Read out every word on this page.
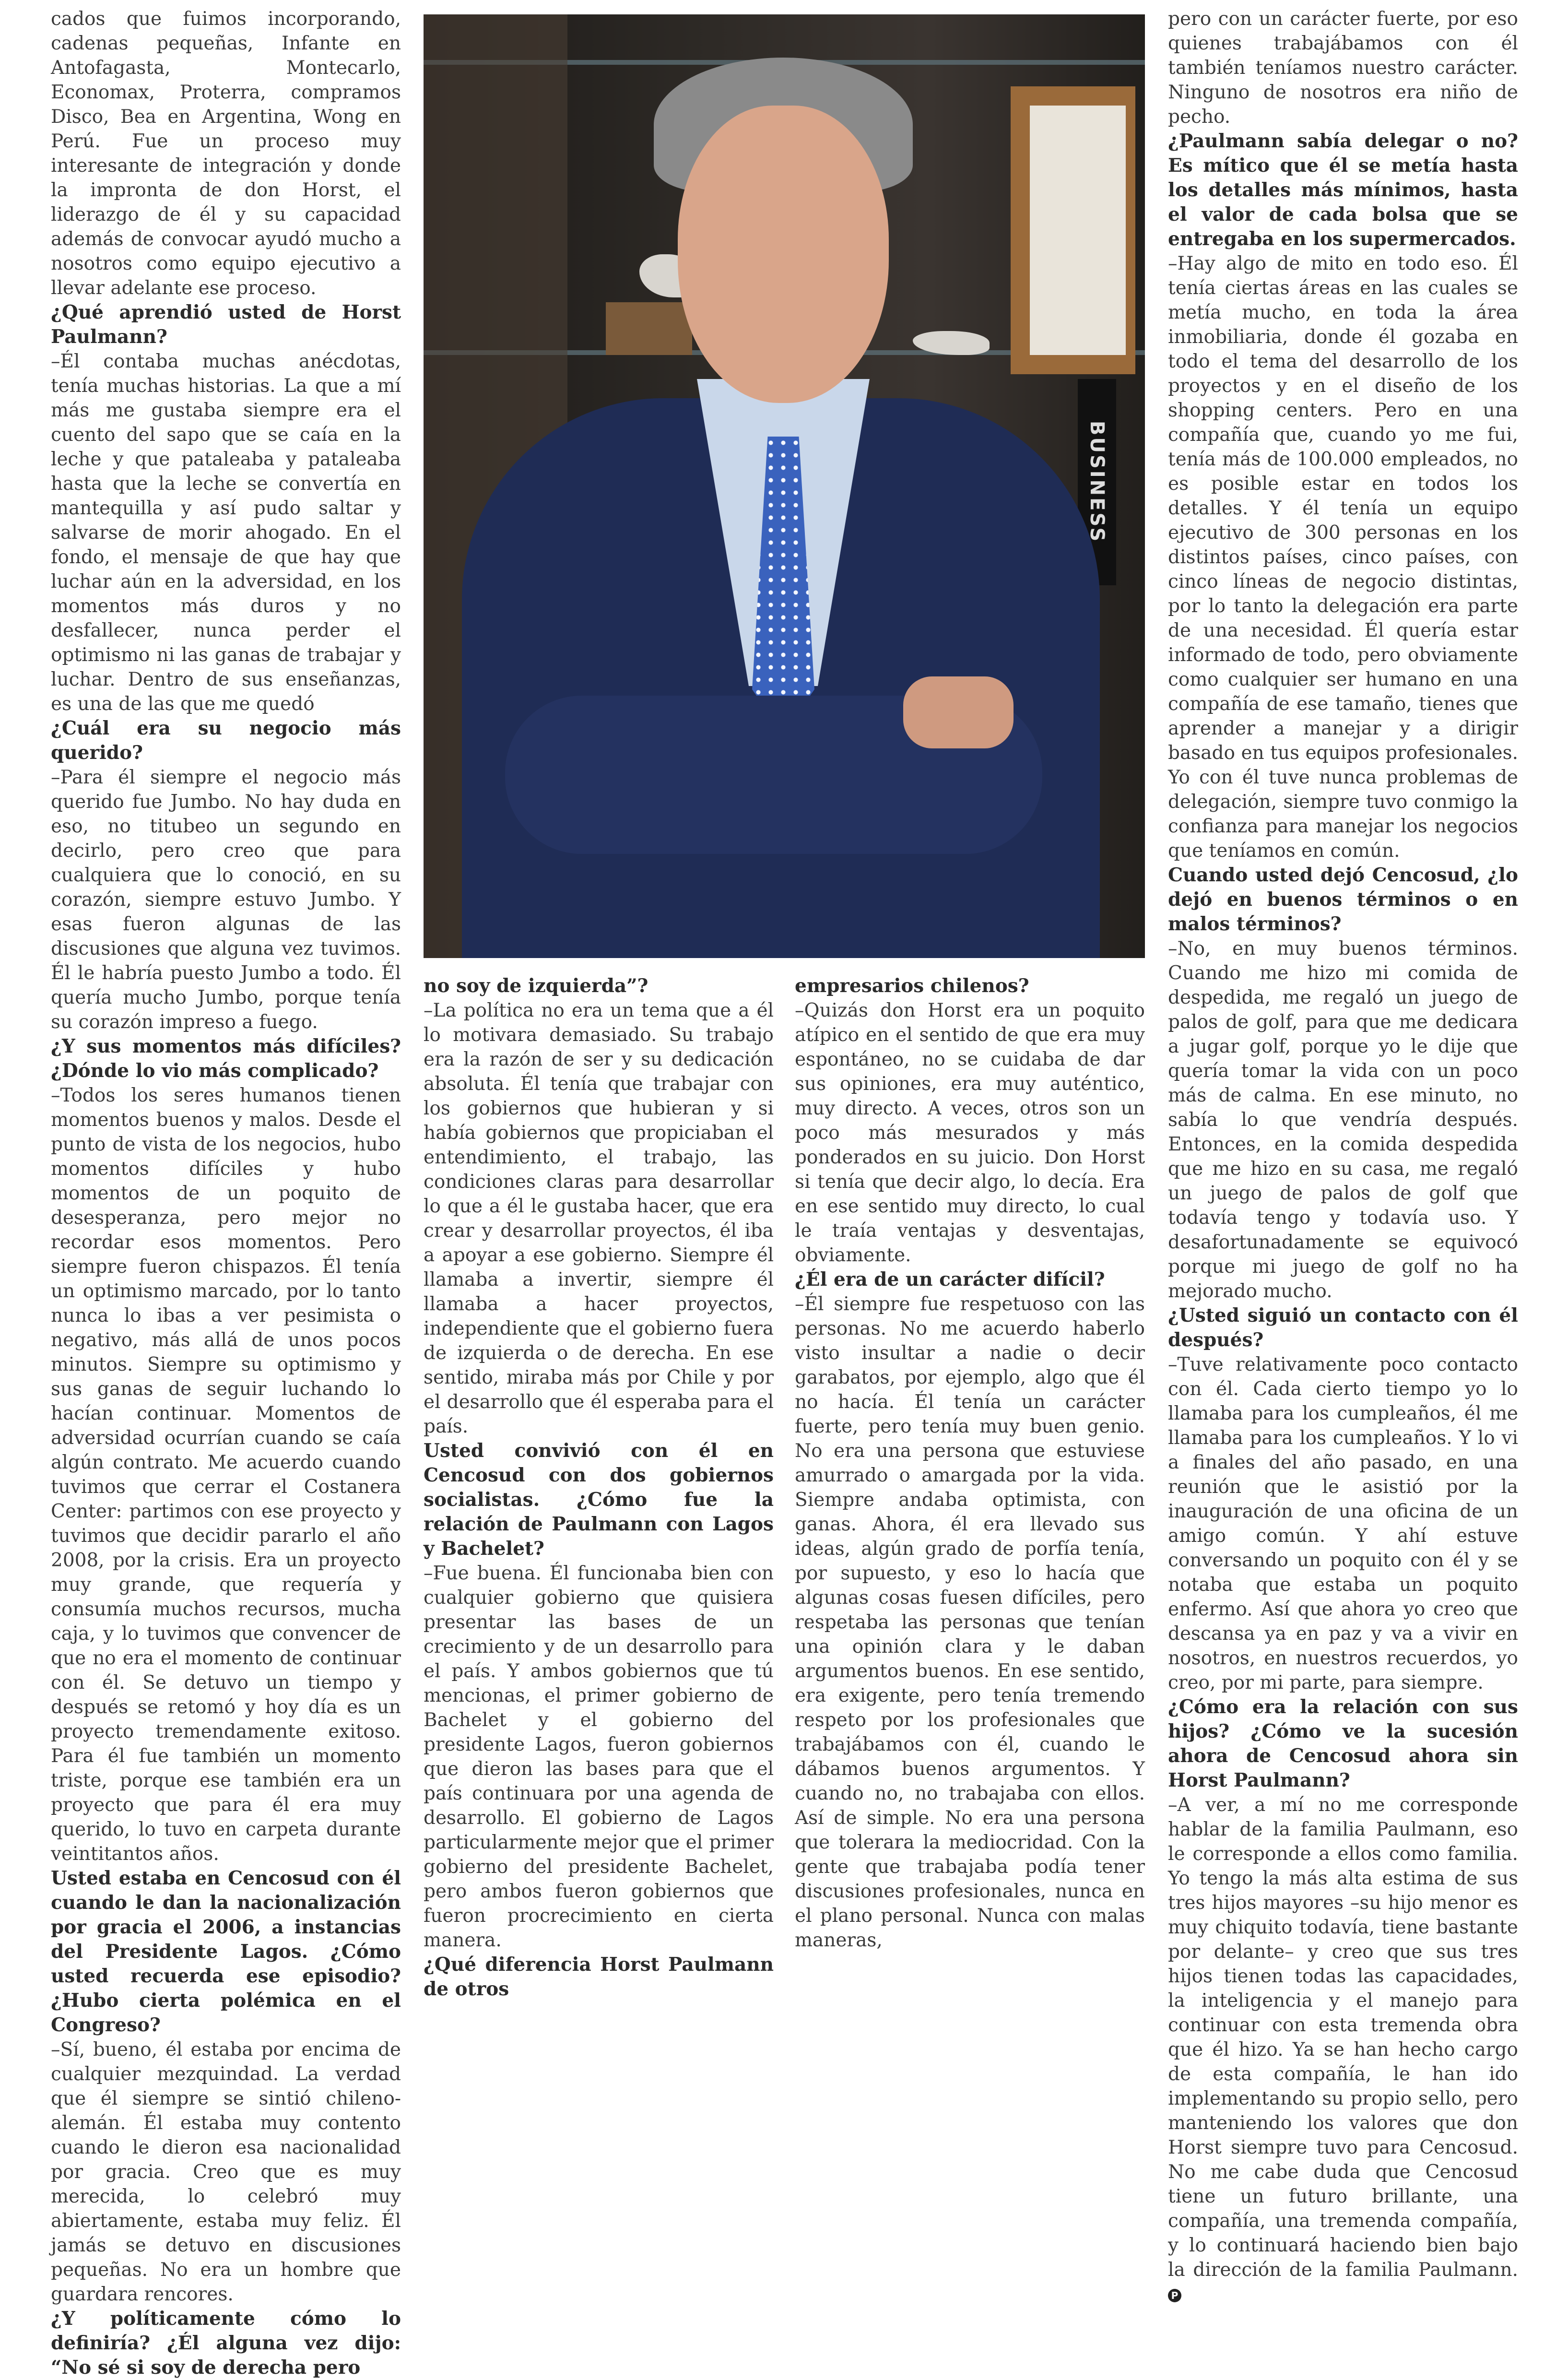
cados que fuimos incorporando, cadenas pequeñas, Infante en Antofagasta, Montecarlo, Economax, Proterra, compramos Disco, Bea en Argentina, Wong en Perú. Fue un proceso muy interesante de integración y donde la impronta de don Horst, el liderazgo de él y su capacidad además de convocar ayudó mucho a nosotros como equipo ejecutivo a llevar adelante ese proceso.

¿Qué aprendió usted de Horst Paulmann?

–Él contaba muchas anécdotas, tenía muchas historias. La que a mí más me gustaba siempre era el cuento del sapo que se caía en la leche y que pataleaba y pataleaba hasta que la leche se convertía en mantequilla y así pudo saltar y salvarse de morir ahogado. En el fondo, el mensaje de que hay que luchar aún en la adversidad, en los momentos más duros y no desfallecer, nunca perder el optimismo ni las ganas de trabajar y luchar. Dentro de sus enseñanzas, es una de las que me quedó

¿Cuál era su negocio más querido?

–Para él siempre el negocio más querido fue Jumbo. No hay duda en eso, no titubeo un segundo en decirlo, pero creo que para cualquiera que lo conoció, en su corazón, siempre estuvo Jumbo. Y esas fueron algunas de las discusiones que alguna vez tuvimos. Él le habría puesto Jumbo a todo. Él quería mucho Jumbo, porque tenía su corazón impreso a fuego.

¿Y sus momentos más difíciles? ¿Dónde lo vio más complicado?

–Todos los seres humanos tienen momentos buenos y malos. Desde el punto de vista de los negocios, hubo momentos difíciles y hubo momentos de un poquito de desesperanza, pero mejor no recordar esos momentos. Pero siempre fueron chispazos. Él tenía un optimismo marcado, por lo tanto nunca lo ibas a ver pesimista o negativo, más allá de unos pocos minutos. Siempre su optimismo y sus ganas de seguir luchando lo hacían continuar. Momentos de adversidad ocurrían cuando se caía algún contrato. Me acuerdo cuando tuvimos que cerrar el Costanera Center: partimos con ese proyecto y tuvimos que decidir pararlo el año 2008, por la crisis. Era un proyecto muy grande, que requería y consumía muchos recursos, mucha caja, y lo tuvimos que convencer de que no era el momento de continuar con él. Se detuvo un tiempo y después se retomó y hoy día es un proyecto tremendamente exitoso. Para él fue también un momento triste, porque ese también era un proyecto que para él era muy querido, lo tuvo en carpeta durante veintitantos años.

Usted estaba en Cencosud con él cuando le dan la nacionalización por gracia el 2006, a instancias del Presidente Lagos. ¿Cómo usted recuerda ese episodio? ¿Hubo cierta polémica en el Congreso?

–Sí, bueno, él estaba por encima de cualquier mezquindad. La verdad que él siempre se sintió chileno-alemán. Él estaba muy contento cuando le dieron esa nacionalidad por gracia. Creo que es muy merecida, lo celebró muy abiertamente, estaba muy feliz. Él jamás se detuvo en discusiones pequeñas. No era un hombre que guardara rencores.

¿Y políticamente cómo lo definiría? ¿Él alguna vez dijo: “No sé si soy de derecha pero

BUSINESS

no soy de izquierda”?

–La política no era un tema que a él lo motivara demasiado. Su trabajo era la razón de ser y su dedicación absoluta. Él tenía que trabajar con los gobiernos que hubieran y si había gobiernos que propiciaban el entendimiento, el trabajo, las condiciones claras para desarrollar lo que a él le gustaba hacer, que era crear y desarrollar proyectos, él iba a apoyar a ese gobierno. Siempre él llamaba a invertir, siempre él llamaba a hacer proyectos, independiente que el gobierno fuera de izquierda o de derecha. En ese sentido, miraba más por Chile y por el desarrollo que él esperaba para el país.

Usted convivió con él en Cencosud con dos gobiernos socialistas. ¿Cómo fue la relación de Paulmann con Lagos y Bachelet?

–Fue buena. Él funcionaba bien con cualquier gobierno que quisiera presentar las bases de un crecimiento y de un desarrollo para el país. Y ambos gobiernos que tú mencionas, el primer gobierno de Bachelet y el gobierno del presidente Lagos, fueron gobiernos que dieron las bases para que el país continuara por una agenda de desarrollo. El gobierno de Lagos particularmente mejor que el primer gobierno del presidente Bachelet, pero ambos fueron gobiernos que fueron procrecimiento en cierta manera.

¿Qué diferencia Horst Paulmann de otros

empresarios chilenos?

–Quizás don Horst era un poquito atípico en el sentido de que era muy espontáneo, no se cuidaba de dar sus opiniones, era muy auténtico, muy directo. A veces, otros son un poco más mesurados y más ponderados en su juicio. Don Horst si tenía que decir algo, lo decía. Era en ese sentido muy directo, lo cual le traía ventajas y desventajas, obviamente.

¿Él era de un carácter difícil?

–Él siempre fue respetuoso con las personas. No me acuerdo haberlo visto insultar a nadie o decir garabatos, por ejemplo, algo que él no hacía. Él tenía un carácter fuerte, pero tenía muy buen genio. No era una persona que estuviese amurrado o amargada por la vida. Siempre andaba optimista, con ganas. Ahora, él era llevado sus ideas, algún grado de porfía tenía, por supuesto, y eso lo hacía que algunas cosas fuesen difíciles, pero respetaba las personas que tenían una opinión clara y le daban argumentos buenos. En ese sentido, era exigente, pero tenía tremendo respeto por los profesionales que trabajábamos con él, cuando le dábamos buenos argumentos. Y cuando no, no trabajaba con ellos. Así de simple. No era una persona que tolerara la mediocridad. Con la gente que trabajaba podía tener discusiones profesionales, nunca en el plano personal. Nunca con malas maneras,

pero con un carácter fuerte, por eso quienes trabajábamos con él también teníamos nuestro carácter. Ninguno de nosotros era niño de pecho.

¿Paulmann sabía delegar o no? Es mítico que él se metía hasta los detalles más mínimos, hasta el valor de cada bolsa que se entregaba en los supermercados.

–Hay algo de mito en todo eso. Él tenía ciertas áreas en las cuales se metía mucho, en toda la área inmobiliaria, donde él gozaba en todo el tema del desarrollo de los proyectos y en el diseño de los shopping centers. Pero en una compañía que, cuando yo me fui, tenía más de 100.000 empleados, no es posible estar en todos los detalles. Y él tenía un equipo ejecutivo de 300 personas en los distintos países, cinco países, con cinco líneas de negocio distintas, por lo tanto la delegación era parte de una necesidad. Él quería estar informado de todo, pero obviamente como cualquier ser humano en una compañía de ese tamaño, tienes que aprender a manejar y a dirigir basado en tus equipos profesionales. Yo con él tuve nunca problemas de delegación, siempre tuvo conmigo la confianza para manejar los negocios que teníamos en común.

Cuando usted dejó Cencosud, ¿lo dejó en buenos términos o en malos términos?

–No, en muy buenos términos. Cuando me hizo mi comida de despedida, me regaló un juego de palos de golf, para que me dedicara a jugar golf, porque yo le dije que quería tomar la vida con un poco más de calma. En ese minuto, no sabía lo que vendría después. Entonces, en la comida despedida que me hizo en su casa, me regaló un juego de palos de golf que todavía tengo y todavía uso. Y desafortunadamente se equivocó porque mi juego de golf no ha mejorado mucho.

¿Usted siguió un contacto con él después?

–Tuve relativamente poco contacto con él. Cada cierto tiempo yo lo llamaba para los cumpleaños, él me llamaba para los cumpleaños. Y lo vi a finales del año pasado, en una reunión que le asistió por la inauguración de una oficina de un amigo común. Y ahí estuve conversando un poquito con él y se notaba que estaba un poquito enfermo. Así que ahora yo creo que descansa ya en paz y va a vivir en nosotros, en nuestros recuerdos, yo creo, por mi parte, para siempre.

¿Cómo era la relación con sus hijos? ¿Cómo ve la sucesión ahora de Cencosud ahora sin Horst Paulmann?

–A ver, a mí no me corresponde hablar de la familia Paulmann, eso le corresponde a ellos como familia. Yo tengo la más alta estima de sus tres hijos mayores –su hijo menor es muy chiquito todavía, tiene bastante por delante– y creo que sus tres hijos tienen todas las capacidades, la inteligencia y el manejo para continuar con esta tremenda obra que él hizo. Ya se han hecho cargo de esta compañía, le han ido implementando su propio sello, pero manteniendo los valores que don Horst siempre tuvo para Cencosud. No me cabe duda que Cencosud tiene un futuro brillante, una compañía, una tremenda compañía, y lo continuará haciendo bien bajo la dirección de la familia Paulmann. P
